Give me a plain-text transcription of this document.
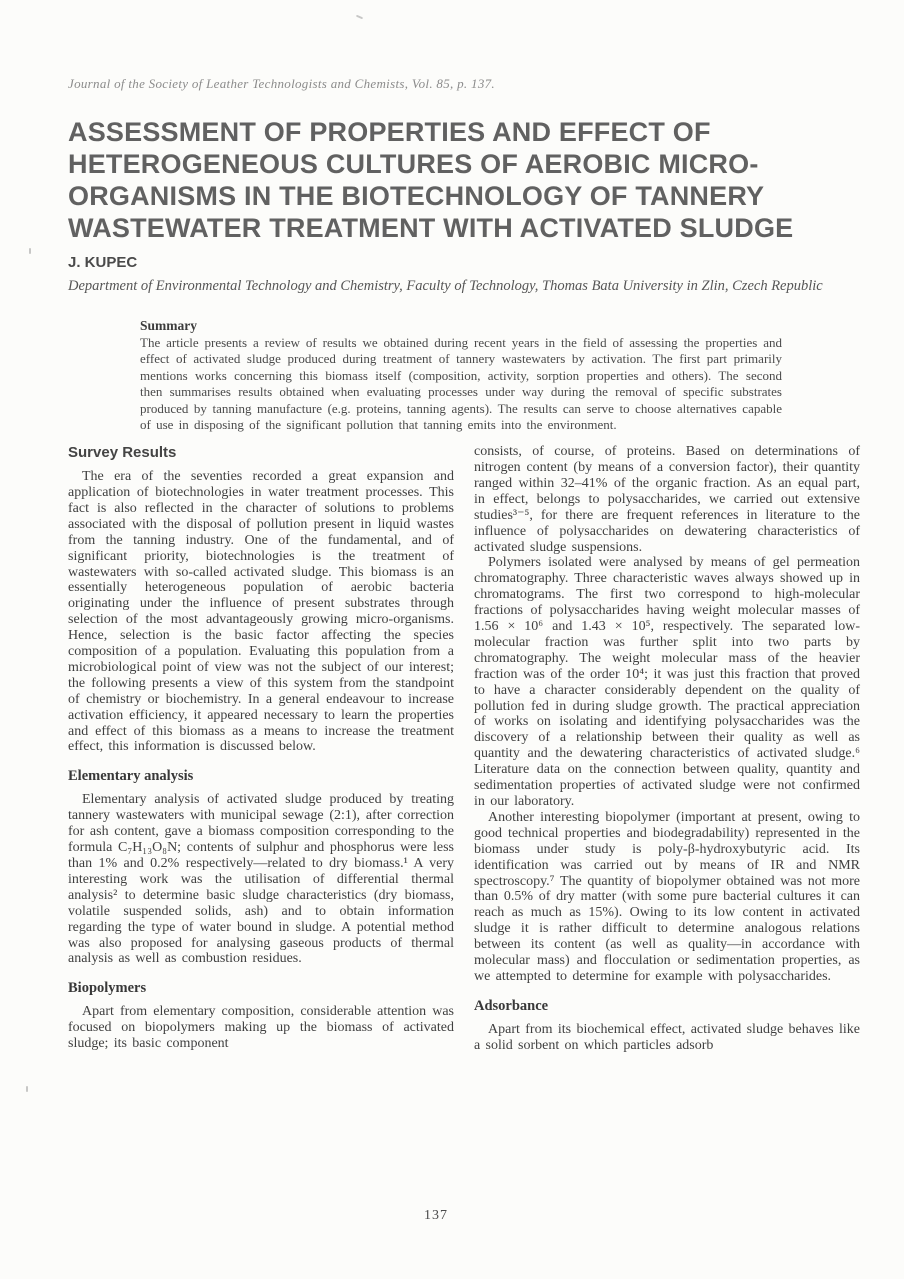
Journal of the Society of Leather Technologists and Chemists, Vol. 85, p. 137.
ASSESSMENT OF PROPERTIES AND EFFECT OF
HETEROGENEOUS CULTURES OF AEROBIC MICRO-
ORGANISMS IN THE BIOTECHNOLOGY OF TANNERY
WASTEWATER TREATMENT WITH ACTIVATED SLUDGE
J. KUPEC
Department of Environmental Technology and Chemistry, Faculty of Technology, Thomas Bata University in Zlin, Czech Republic
Summary
The article presents a review of results we obtained during recent years in the field of assessing the properties and effect of activated sludge produced during treatment of tannery wastewaters by activation. The first part primarily mentions works concerning this biomass itself (composition, activity, sorption properties and others). The second then summarises results obtained when evaluating processes under way during the removal of specific substrates produced by tanning manufacture (e.g. proteins, tanning agents). The results can serve to choose alternatives capable of use in disposing of the significant pollution that tanning emits into the environment.
Survey Results

The era of the seventies recorded a great expansion and application of biotechnologies in water treatment processes. This fact is also reflected in the character of solutions to problems associated with the disposal of pollution present in liquid wastes from the tanning industry. One of the fundamental, and of significant priority, biotechnologies is the treatment of wastewaters with so-called activated sludge. This biomass is an essentially heterogeneous population of aerobic bacteria originating under the influence of present substrates through selection of the most advantageously growing micro-organisms. Hence, selection is the basic factor affecting the species composition of a population. Evaluating this population from a microbiological point of view was not the subject of our interest; the following presents a view of this system from the standpoint of chemistry or biochemistry. In a general endeavour to increase activation efficiency, it appeared necessary to learn the properties and effect of this biomass as a means to increase the treatment effect, this information is discussed below.

Elementary analysis

Elementary analysis of activated sludge produced by treating tannery wastewaters with municipal sewage (2:1), after correction for ash content, gave a biomass composition corresponding to the formula C₇H₁₃O₈N; contents of sulphur and phosphorus were less than 1% and 0.2% respectively—related to dry biomass.¹ A very interesting work was the utilisation of differential thermal analysis² to determine basic sludge characteristics (dry biomass, volatile suspended solids, ash) and to obtain information regarding the type of water bound in sludge. A potential method was also proposed for analysing gaseous products of thermal analysis as well as combustion residues.

Biopolymers

Apart from elementary composition, considerable attention was focused on biopolymers making up the biomass of activated sludge; its basic component

consists, of course, of proteins. Based on determinations of nitrogen content (by means of a conversion factor), their quantity ranged within 32–41% of the organic fraction. As an equal part, in effect, belongs to polysaccharides, we carried out extensive studies³⁻⁵, for there are frequent references in literature to the influence of polysaccharides on dewatering characteristics of activated sludge suspensions.

Polymers isolated were analysed by means of gel permeation chromatography. Three characteristic waves always showed up in chromatograms. The first two correspond to high-molecular fractions of polysaccharides having weight molecular masses of 1.56 × 10⁶ and 1.43 × 10⁵, respectively. The separated low-molecular fraction was further split into two parts by chromatography. The weight molecular mass of the heavier fraction was of the order 10⁴; it was just this fraction that proved to have a character considerably dependent on the quality of pollution fed in during sludge growth. The practical appreciation of works on isolating and identifying polysaccharides was the discovery of a relationship between their quality as well as quantity and the dewatering characteristics of activated sludge.⁶ Literature data on the connection between quality, quantity and sedimentation properties of activated sludge were not confirmed in our laboratory.

Another interesting biopolymer (important at present, owing to good technical properties and biodegradability) represented in the biomass under study is poly-β-hydroxybutyric acid. Its identification was carried out by means of IR and NMR spectroscopy.⁷ The quantity of biopolymer obtained was not more than 0.5% of dry matter (with some pure bacterial cultures it can reach as much as 15%). Owing to its low content in activated sludge it is rather difficult to determine analogous relations between its content (as well as quality—in accordance with molecular mass) and flocculation or sedimentation properties, as we attempted to determine for example with polysaccharides.

Adsorbance

Apart from its biochemical effect, activated sludge behaves like a solid sorbent on which particles adsorb

137
